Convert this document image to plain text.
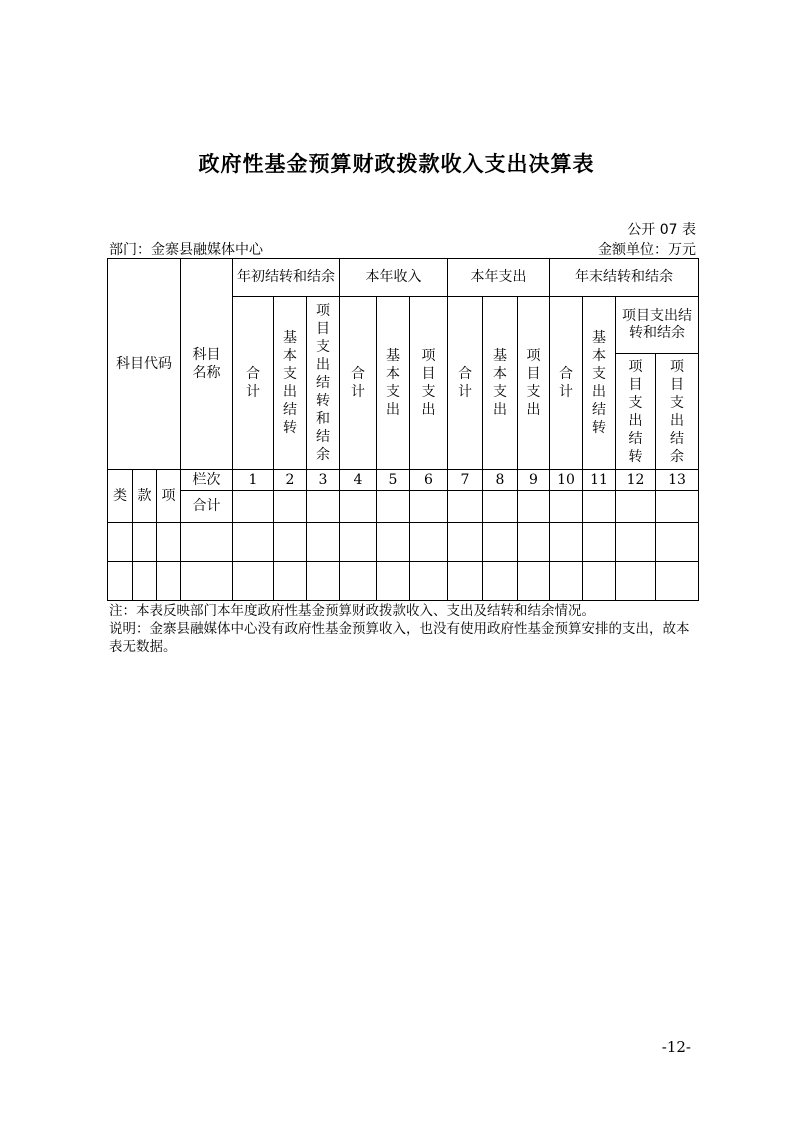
政府性基金预算财政拨款收入支出决算表
公开 07 表
部门：金寨县融媒体中心	金额单位：万元
科目代码			科目名称	年初结转和结余			本年收入			本年支出			年末结转和结余			
				合计	基本支出结转	项目支出结转和结余	合计	基本支出	项目支出	合计	基本支出	项目支出	合计	基本支出结转	项目支出结转和结余	
															项目支出结转	项目支出结余
类	款	项	栏次	1	2	3	4	5	6	7	8	9	10	11	12	13
			合计													

注：本表反映部门本年度政府性基金预算财政拨款收入、支出及结转和结余情况。
说明：金寨县融媒体中心没有政府性基金预算收入，也没有使用政府性基金预算安排的支出，故本表无数据。
-12-
